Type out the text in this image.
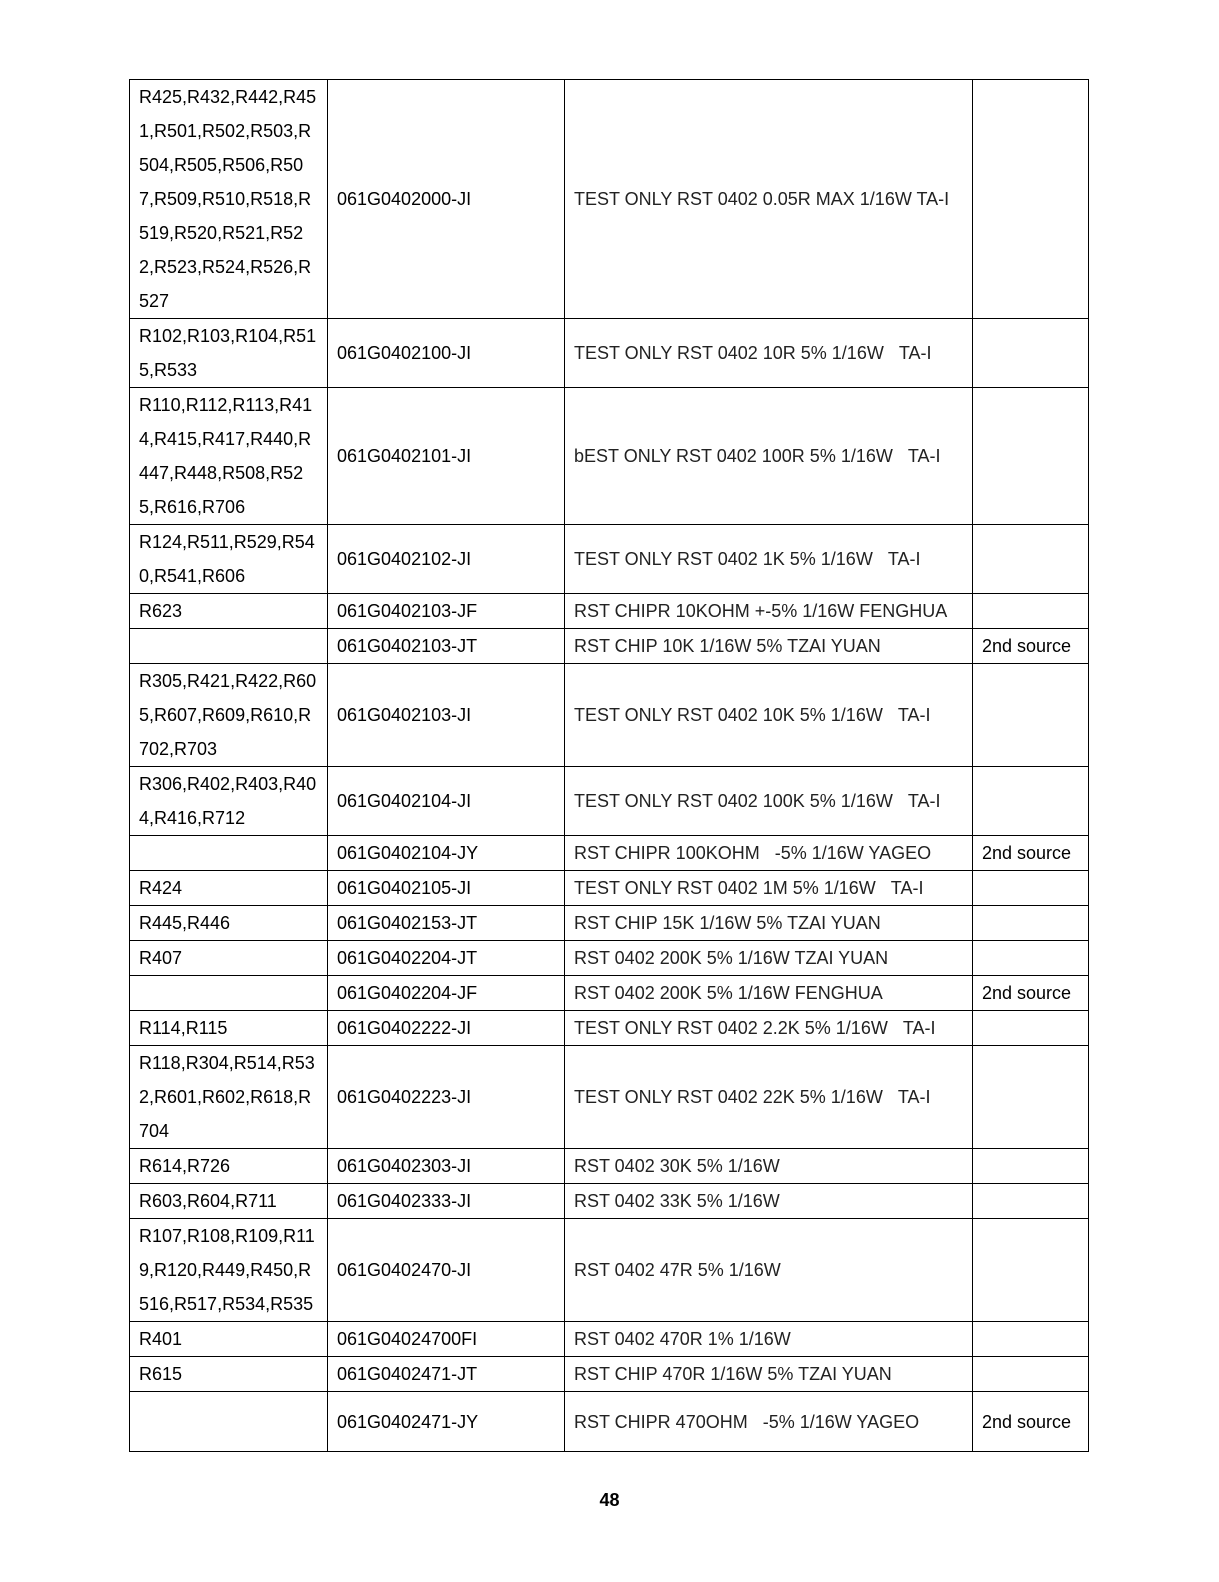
R425,R432,R442,R451,R501,R502,R503,R504,R505,R506,R507,R509,R510,R518,R519,R520,R521,R522,R523,R524,R526,R527	061G0402000-JI	TEST ONLY RST 0402 0.05R MAX 1/16W TA-I	
R102,R103,R104,R515,R533	061G0402100-JI	TEST ONLY RST 0402 10R 5% 1/16W   TA-I	
R110,R112,R113,R414,R415,R417,R440,R447,R448,R508,R525,R616,R706	061G0402101-JI	bEST ONLY RST 0402 100R 5% 1/16W   TA-I	
R124,R511,R529,R540,R541,R606	061G0402102-JI	TEST ONLY RST 0402 1K 5% 1/16W   TA-I	
R623	061G0402103-JF	RST CHIPR 10KOHM +-5% 1/16W FENGHUA	
	061G0402103-JT	RST CHIP 10K 1/16W 5% TZAI YUAN	2nd source
R305,R421,R422,R605,R607,R609,R610,R702,R703	061G0402103-JI	TEST ONLY RST 0402 10K 5% 1/16W   TA-I	
R306,R402,R403,R404,R416,R712	061G0402104-JI	TEST ONLY RST 0402 100K 5% 1/16W   TA-I	
	061G0402104-JY	RST CHIPR 100KOHM   -5% 1/16W YAGEO	2nd source
R424	061G0402105-JI	TEST ONLY RST 0402 1M 5% 1/16W   TA-I	
R445,R446	061G0402153-JT	RST CHIP 15K 1/16W 5% TZAI YUAN	
R407	061G0402204-JT	RST 0402 200K 5% 1/16W TZAI YUAN	
	061G0402204-JF	RST 0402 200K 5% 1/16W FENGHUA	2nd source
R114,R115	061G0402222-JI	TEST ONLY RST 0402 2.2K 5% 1/16W   TA-I	
R118,R304,R514,R532,R601,R602,R618,R704	061G0402223-JI	TEST ONLY RST 0402 22K 5% 1/16W   TA-I	
R614,R726	061G0402303-JI	RST 0402 30K 5% 1/16W	
R603,R604,R711	061G0402333-JI	RST 0402 33K 5% 1/16W	
R107,R108,R109,R119,R120,R449,R450,R516,R517,R534,R535	061G0402470-JI	RST 0402 47R 5% 1/16W	
R401	061G04024700FI	RST 0402 470R 1% 1/16W	
R615	061G0402471-JT	RST CHIP 470R 1/16W 5% TZAI YUAN	
	061G0402471-JY	RST CHIPR 470OHM   -5% 1/16W YAGEO	2nd source
48
